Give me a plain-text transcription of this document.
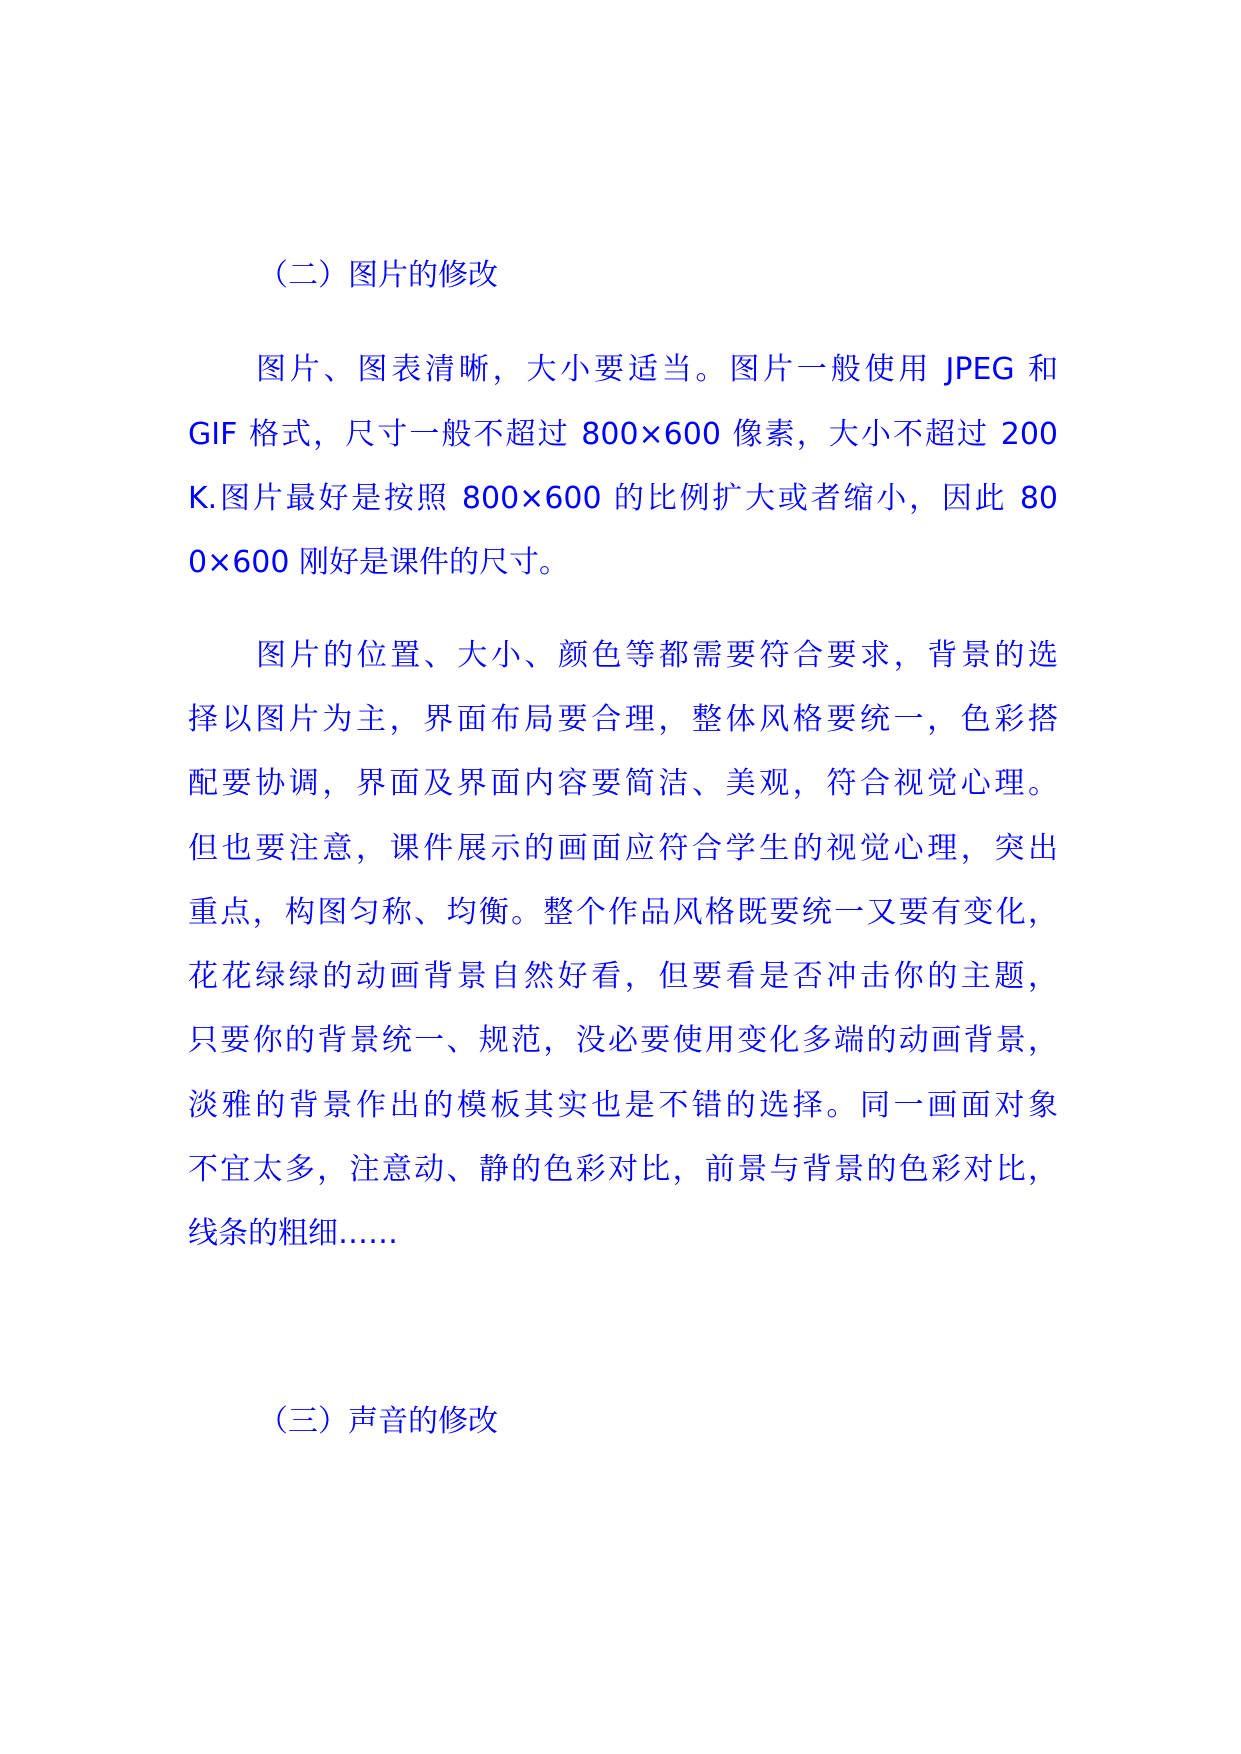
（二）图片的修改
图片、图表清晰，大小要适当。图片一般使用 JPEG 和
GIF 格式，尺寸一般不超过 800×600 像素，大小不超过 200
K.图片最好是按照 800×600 的比例扩大或者缩小，因此 80
0×600 刚好是课件的尺寸。
图片的位置、大小、颜色等都需要符合要求，背景的选
择以图片为主，界面布局要合理，整体风格要统一，色彩搭
配要协调，界面及界面内容要简洁、美观，符合视觉心理。
但也要注意，课件展示的画面应符合学生的视觉心理，突出
重点，构图匀称、均衡。整个作品风格既要统一又要有变化，
花花绿绿的动画背景自然好看，但要看是否冲击你的主题，
只要你的背景统一、规范，没必要使用变化多端的动画背景，
淡雅的背景作出的模板其实也是不错的选择。同一画面对象
不宜太多，注意动、静的色彩对比，前景与背景的色彩对比，
线条的粗细……
（三）声音的修改
